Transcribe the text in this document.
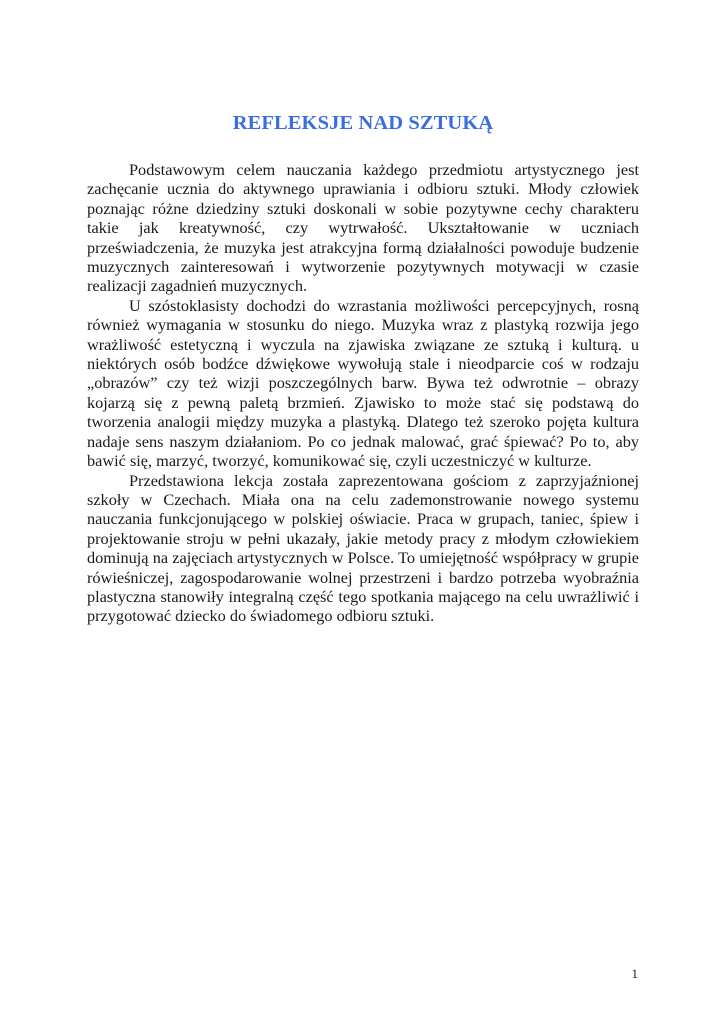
REFLEKSJE NAD SZTUKĄ

Podstawowym celem nauczania każdego przedmiotu artystycznego jest zachęcanie ucznia do aktywnego uprawiania i odbioru sztuki. Młody człowiek poznając różne dziedziny sztuki doskonali w sobie pozytywne cechy charakteru takie jak kreatywność, czy wytrwałość. Ukształtowanie w uczniach przeświadczenia, że muzyka jest atrakcyjna formą działalności powoduje budzenie muzycznych zainteresowań i wytworzenie pozytywnych motywacji w czasie realizacji zagadnień muzycznych.

U szóstoklasisty dochodzi do wzrastania możliwości percepcyjnych, rosną również wymagania w stosunku do niego. Muzyka wraz z plastyką rozwija jego wrażliwość estetyczną i wyczula na zjawiska związane ze sztuką i kulturą. u niektórych osób bodźce dźwiękowe wywołują stale i nieodparcie coś w rodzaju „obrazów” czy też wizji poszczególnych barw. Bywa też odwrotnie – obrazy kojarzą się z pewną paletą brzmień. Zjawisko to może stać się podstawą do tworzenia analogii między muzyka a plastyką. Dlatego też szeroko pojęta kultura nadaje sens naszym działaniom. Po co jednak malować, grać śpiewać? Po to, aby bawić się, marzyć, tworzyć, komunikować się, czyli uczestniczyć w kulturze.

Przedstawiona lekcja została zaprezentowana gościom z zaprzyjaźnionej szkoły w Czechach. Miała ona na celu zademonstrowanie nowego systemu nauczania funkcjonującego w polskiej oświacie. Praca w grupach, taniec, śpiew i projektowanie stroju w pełni ukazały, jakie metody pracy z młodym człowiekiem dominują na zajęciach artystycznych w Polsce. To umiejętność współpracy w grupie rówieśniczej, zagospodarowanie wolnej przestrzeni i bardzo potrzeba wyobraźnia plastyczna stanowiły integralną część tego spotkania mającego na celu uwrażliwić i przygotować dziecko do świadomego odbioru sztuki.

1
